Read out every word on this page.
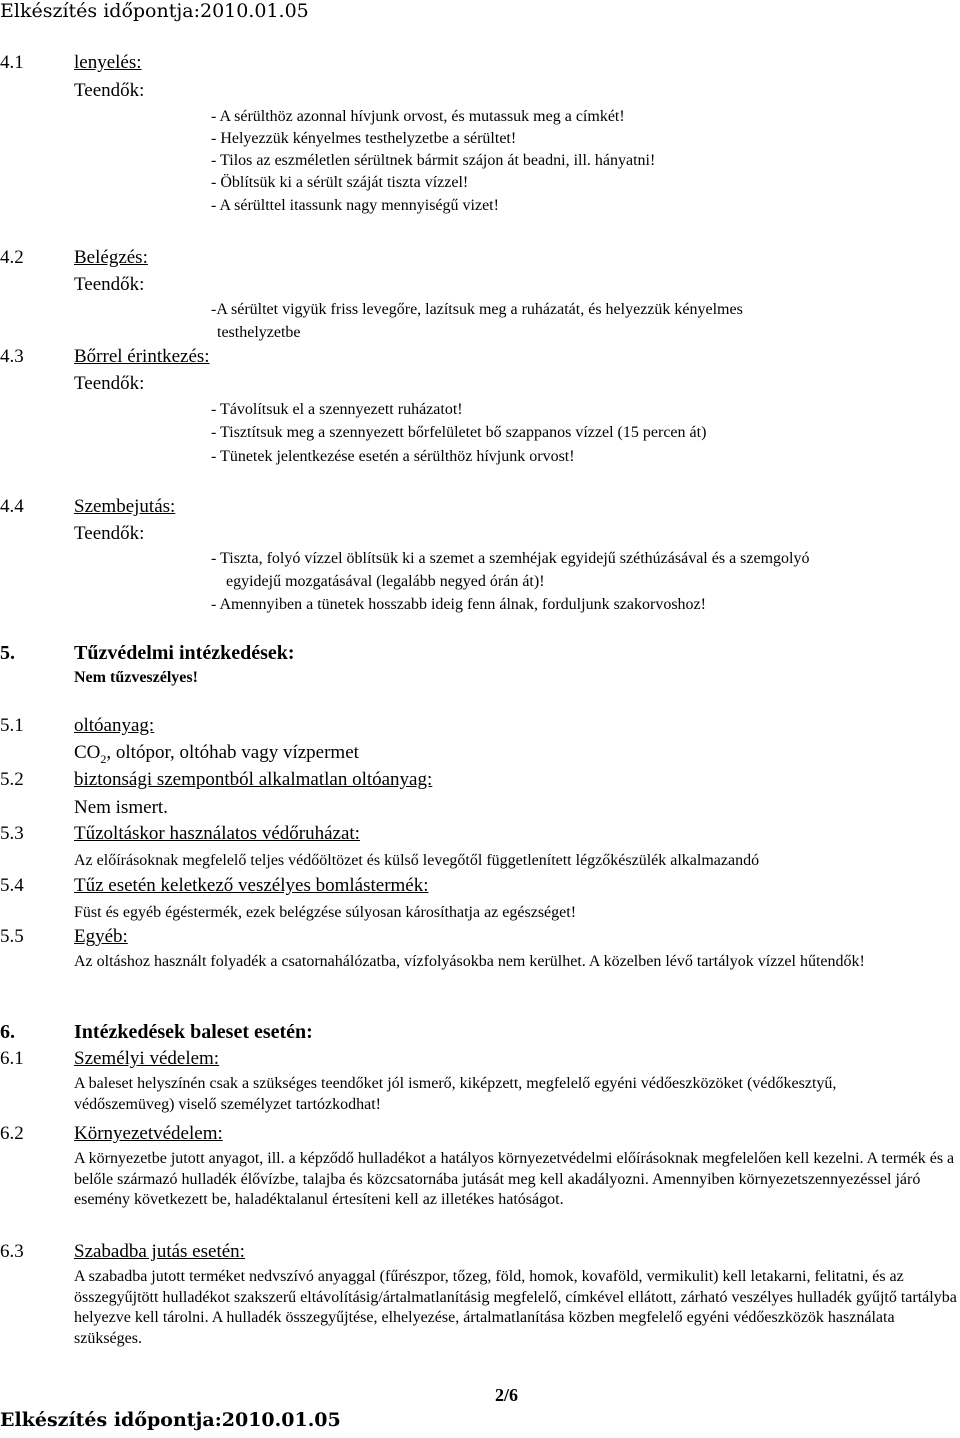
Elkészítés időpontja:2010.01.05
4.1	lenyelés:
Teendők:
- A sérülthöz azonnal hívjunk orvost, és mutassuk meg a címkét!
- Helyezzük kényelmes testhelyzetbe a sérültet!
- Tilos az eszméletlen sérültnek bármit szájon át beadni, ill. hányatni!
- Öblítsük ki a sérült száját tiszta vízzel!
- A sérülttel itassunk nagy mennyiségű vizet!
4.2	Belégzés:
Teendők:
-A sérültet vigyük friss levegőre, lazítsuk meg a ruházatát, és helyezzük kényelmes
testhelyzetbe
4.3	Bőrrel érintkezés:
Teendők:
- Távolítsuk el a szennyezett ruházatot!
- Tisztítsuk meg a szennyezett bőrfelületet bő szappanos vízzel (15 percen át)
- Tünetek jelentkezése esetén a sérülthöz hívjunk orvost!
4.4	Szembejutás:
Teendők:
- Tiszta, folyó vízzel öblítsük ki a szemet a szemhéjak egyidejű széthúzásával és a szemgolyó
egyidejű mozgatásával (legalább negyed órán át)!
- Amennyiben a tünetek hosszabb ideig fenn álnak, forduljunk szakorvoshoz!
5.	Tűzvédelmi intézkedések:
Nem tűzveszélyes!
5.1	oltóanyag:
$CO_2$, oltópor, oltóhab vagy vízpermet
5.2	biztonsági szempontból alkalmatlan oltóanyag:
Nem ismert.
5.3	Tűzoltáskor használatos védőruházat:
Az előírásoknak megfelelő teljes védőöltözet és külső levegőtől függetlenített légzőkészülék alkalmazandó
5.4	Tűz esetén keletkező veszélyes bomlástermék:
Füst és egyéb égéstermék, ezek belégzése súlyosan károsíthatja az egészséget!
5.5	Egyéb:
Az oltáshoz használt folyadék a csatornahálózatba, vízfolyásokba nem kerülhet. A közelben lévő tartályok vízzel hűtendők!
6.	Intézkedések baleset esetén:
6.1	Személyi védelem:
A baleset helyszínén csak a szükséges teendőket jól ismerő, kiképzett, megfelelő egyéni védőeszközöket (védőkesztyű, védőszemüveg) viselő személyzet tartózkodhat!
6.2	Környezetvédelem:
A környezetbe jutott anyagot, ill. a képződő hulladékot a hatályos környezetvédelmi előírásoknak megfelelően kell kezelni. A termék és a belőle származó hulladék élővízbe, talajba és közcsatornába jutását meg kell akadályozni. Amennyiben környezetszennyezéssel járó esemény következett be, haladéktalanul értesíteni kell az illetékes hatóságot.
6.3	Szabadba jutás esetén:
A szabadba jutott terméket nedvszívó anyaggal (fűrészpor, tőzeg, föld, homok, kovaföld, vermikulit) kell letakarni, felitatni, és az összegyűjtött hulladékot szakszerű eltávolításig/ártalmatlanításig megfelelő, címkével ellátott, zárható veszélyes hulladék gyűjtő tartályba helyezve kell tárolni. A hulladék összegyűjtése, elhelyezése, ártalmatlanítása közben megfelelő egyéni védőeszközök használata szükséges.
2/6
Elkészítés időpontja:2010.01.05
